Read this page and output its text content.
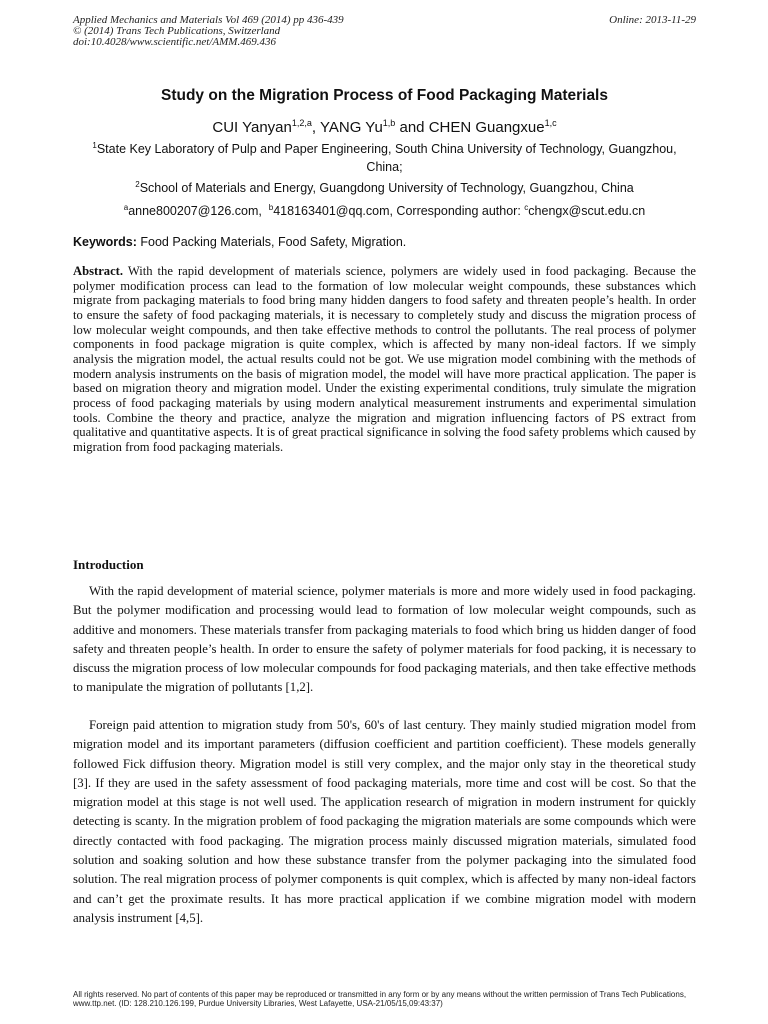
Applied Mechanics and Materials Vol 469 (2014) pp 436-439
© (2014) Trans Tech Publications, Switzerland
doi:10.4028/www.scientific.net/AMM.469.436
Online: 2013-11-29
Study on the Migration Process of Food Packaging Materials
CUI Yanyan$^{1,2,a}$, YANG Yu$^{1,b}$ and CHEN Guangxue$^{1,c}$
$^1$State Key Laboratory of Pulp and Paper Engineering, South China University of Technology, Guangzhou, China;
$^2$School of Materials and Energy, Guangdong University of Technology, Guangzhou, China
$^a$anne800207@126.com, $^b$418163401@qq.com, Corresponding author: $^c$chengx@scut.edu.cn
Keywords: Food Packing Materials, Food Safety, Migration.
Abstract. With the rapid development of materials science, polymers are widely used in food packaging. Because the polymer modification process can lead to the formation of low molecular weight compounds, these substances which migrate from packaging materials to food bring many hidden dangers to food safety and threaten people’s health. In order to ensure the safety of food packaging materials, it is necessary to completely study and discuss the migration process of low molecular weight compounds, and then take effective methods to control the pollutants. The real process of polymer components in food package migration is quite complex, which is affected by many non-ideal factors. If we simply analysis the migration model, the actual results could not be got. We use migration model combining with the methods of modern analysis instruments on the basis of migration model, the model will have more practical application. The paper is based on migration theory and migration model. Under the existing experimental conditions, truly simulate the migration process of food packaging materials by using modern analytical measurement instruments and experimental simulation tools. Combine the theory and practice, analyze the migration and migration influencing factors of PS extract from qualitative and quantitative aspects. It is of great practical significance in solving the food safety problems which caused by migration from food packaging materials.
Introduction
With the rapid development of material science, polymer materials is more and more widely used in food packaging. But the polymer modification and processing would lead to formation of low molecular weight compounds, such as additive and monomers. These materials transfer from packaging materials to food which bring us hidden danger of food safety and threaten people’s health. In order to ensure the safety of polymer materials for food packing, it is necessary to discuss the migration process of low molecular compounds for food packaging materials, and then take effective methods to manipulate the migration of pollutants [1,2].
Foreign paid attention to migration study from 50's, 60's of last century. They mainly studied migration model from migration model and its important parameters (diffusion coefficient and partition coefficient). These models generally followed Fick diffusion theory. Migration model is still very complex, and the major only stay in the theoretical study [3]. If they are used in the safety assessment of food packaging materials, more time and cost will be cost. So that the migration model at this stage is not well used. The application research of migration in modern instrument for quickly detecting is scanty. In the migration problem of food packaging the migration materials are some compounds which were directly contacted with food packaging. The migration process mainly discussed migration materials, simulated food solution and soaking solution and how these substance transfer from the polymer packaging into the simulated food solution. The real migration process of polymer components is quit complex, which is affected by many non-ideal factors and can’t get the proximate results. It has more practical application if we combine migration model with modern analysis instrument [4,5].
All rights reserved. No part of contents of this paper may be reproduced or transmitted in any form or by any means without the written permission of Trans Tech Publications, www.ttp.net. (ID: 128.210.126.199, Purdue University Libraries, West Lafayette, USA-21/05/15,09:43:37)
